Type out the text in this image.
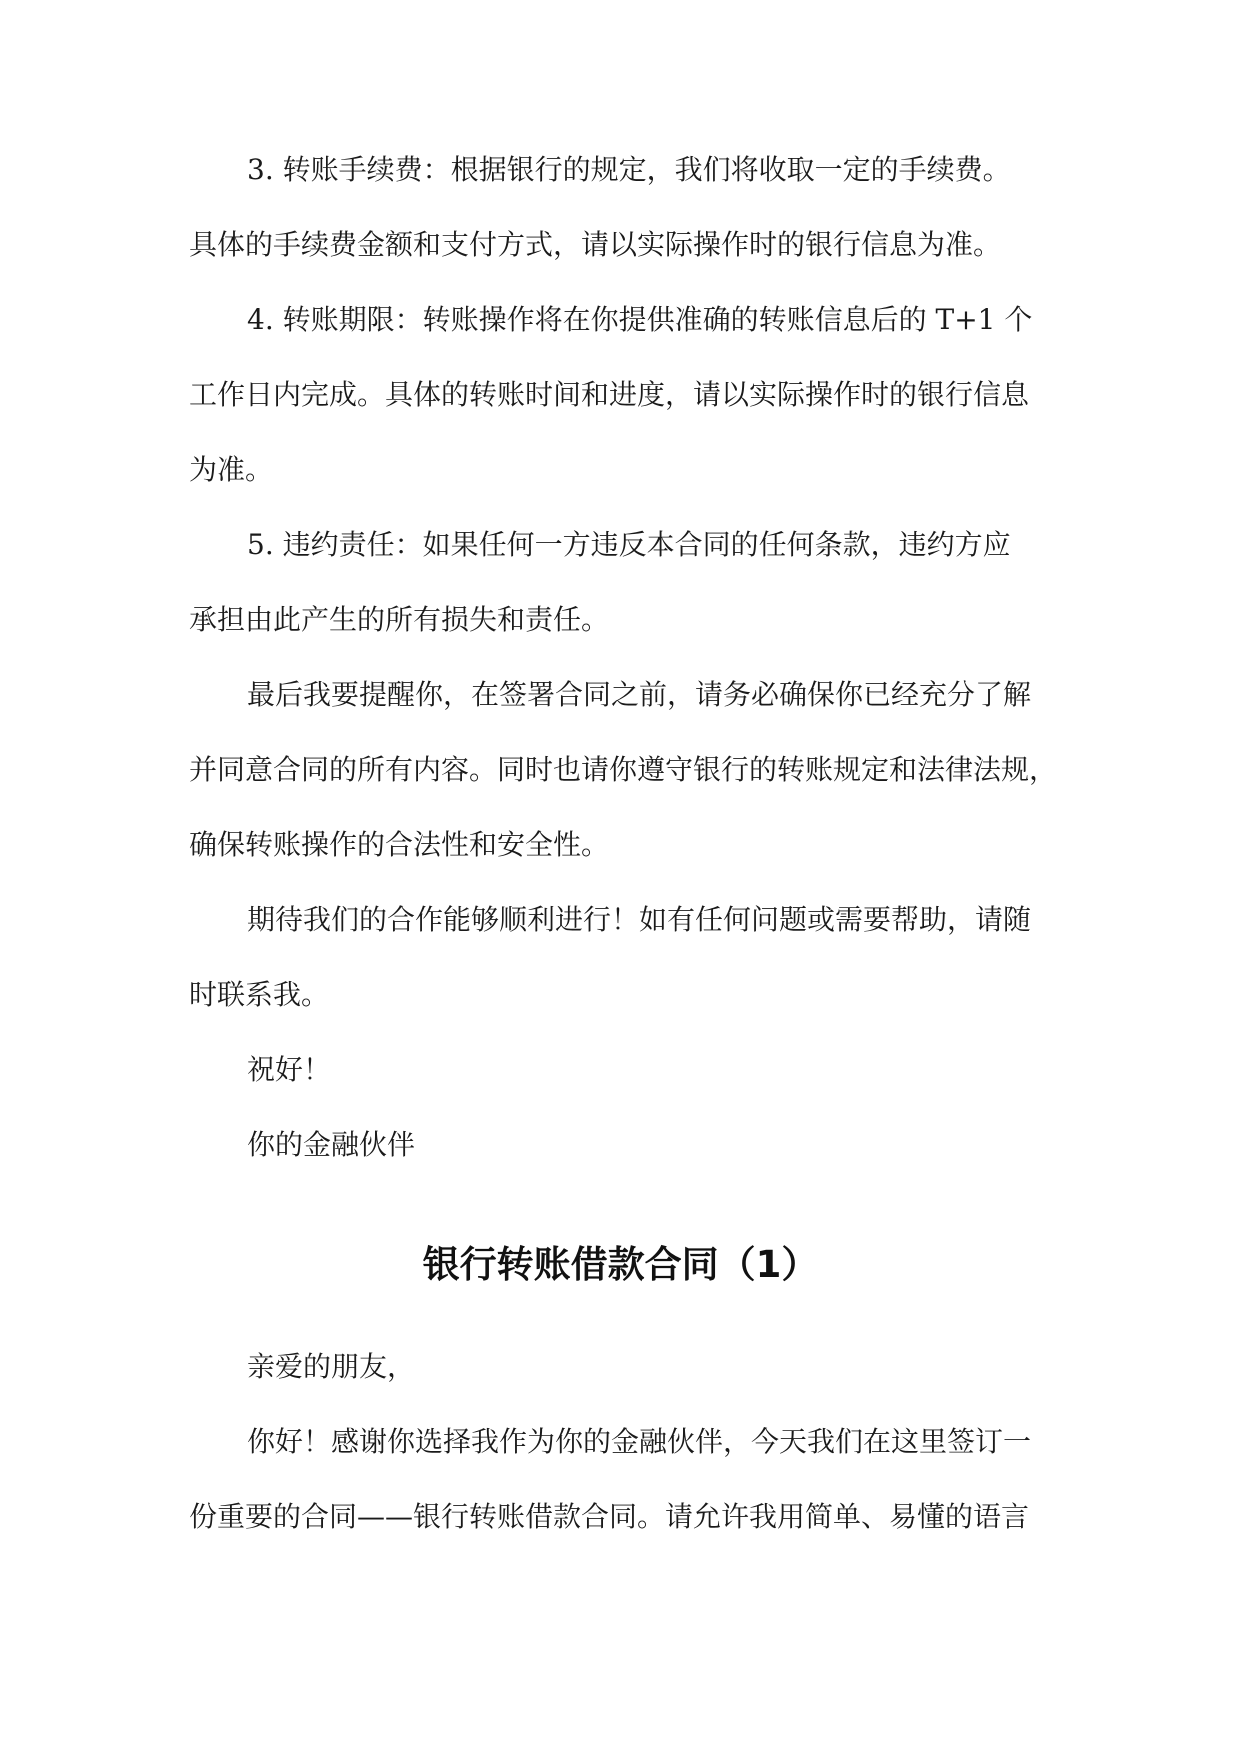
3. 转账手续费：根据银行的规定，我们将收取一定的手续费。

具体的手续费金额和支付方式，请以实际操作时的银行信息为准。

4. 转账期限：转账操作将在你提供准确的转账信息后的 T+1 个

工作日内完成。具体的转账时间和进度，请以实际操作时的银行信息

为准。

5. 违约责任：如果任何一方违反本合同的任何条款，违约方应

承担由此产生的所有损失和责任。

最后我要提醒你，在签署合同之前，请务必确保你已经充分了解

并同意合同的所有内容。同时也请你遵守银行的转账规定和法律法规，

确保转账操作的合法性和安全性。

期待我们的合作能够顺利进行！如有任何问题或需要帮助，请随

时联系我。

祝好！

你的金融伙伴

银行转账借款合同（1）

亲爱的朋友，

你好！感谢你选择我作为你的金融伙伴，今天我们在这里签订一

份重要的合同——银行转账借款合同。请允许我用简单、易懂的语言
